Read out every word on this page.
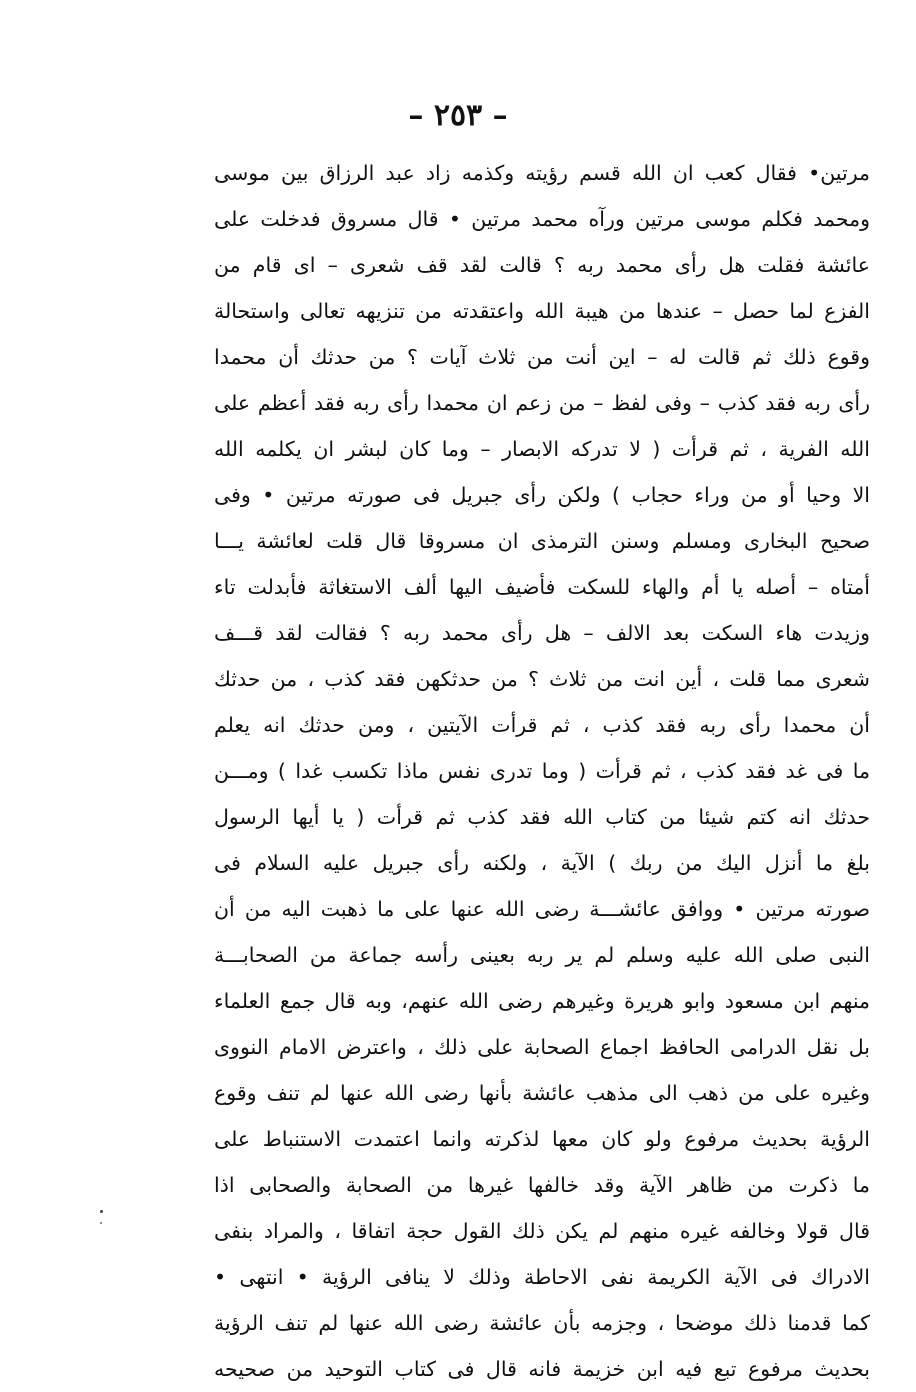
– ٢٥٣ –
مرتين• فقال كعب ان الله قسم رؤيته وكذمه زاد عبد الرزاق بين موسى
ومحمد فكلم موسى مرتين ورآه محمد مرتين • قال مسروق فدخلت على
عائشة فقلت هل رأى محمد ربه ؟ قالت لقد قف شعرى – اى قام من
الفزع لما حصل – عندها من هيبة الله واعتقدته من تنزيهه تعالى واستحالة
وقوع ذلك ثم قالت له – اين أنت من ثلاث آيات ؟ من حدثك أن محمدا
رأى ربه فقد كذب – وفى لفظ – من زعم ان محمدا رأى ربه فقد أعظم على
الله الفرية ، ثم قرأت ( لا تدركه الابصار – وما كان لبشر ان يكلمه الله
الا وحيا أو من وراء حجاب ) ولكن رأى جبريل فى صورته مرتين • وفى
صحيح البخارى ومسلم وسنن الترمذى ان مسروقا قال قلت لعائشة يـــا
أمتاه – أصله يا أم والهاء للسكت فأضيف اليها ألف الاستغاثة فأبدلت تاء
وزيدت هاء السكت بعد الالف – هل رأى محمد ربه ؟ فقالت لقد قـــف
شعرى مما قلت ، أين انت من ثلاث ؟ من حدثكهن فقد كذب ، من حدثك
أن محمدا رأى ربه فقد كذب ، ثم قرأت الآيتين ، ومن حدثك انه يعلم
ما فى غد فقد كذب ، ثم قرأت ( وما تدرى نفس ماذا تكسب غدا ) ومـــن
حدثك انه كتم شيئا من كتاب الله فقد كذب ثم قرأت ( يا أيها الرسول
بلغ ما أنزل اليك من ربك ) الآية ، ولكنه رأى جبريل عليه السلام فى
صورته مرتين • ووافق عائشـــة رضى الله عنها على ما ذهبت اليه من أن
النبى صلى الله عليه وسلم لم ير ربه بعينى رأسه جماعة من الصحابـــة
منهم ابن مسعود وابو هريرة وغيرهم رضى الله عنهم، وبه قال جمع العلماء
بل نقل الدرامى الحافظ اجماع الصحابة على ذلك ، واعترض الامام النووى
وغيره على من ذهب الى مذهب عائشة بأنها رضى الله عنها لم تنف وقوع
الرؤية بحديث مرفوع ولو كان معها لذكرته وانما اعتمدت الاستنباط على
ما ذكرت من ظاهر الآية وقد خالفها غيرها من الصحابة والصحابى اذا
قال قولا وخالفه غيره منهم لم يكن ذلك القول حجة اتفاقا ، والمراد بنفى
الادراك فى الآية الكريمة نفى الاحاطة وذلك لا ينافى الرؤية • انتهى •
كما قدمنا ذلك موضحا ، وجزمه بأن عائشة رضى الله عنها لم تنف الرؤية
بحديث مرفوع تبع فيه ابن خزيمة فانه قال فى كتاب التوحيد من صحيحه
